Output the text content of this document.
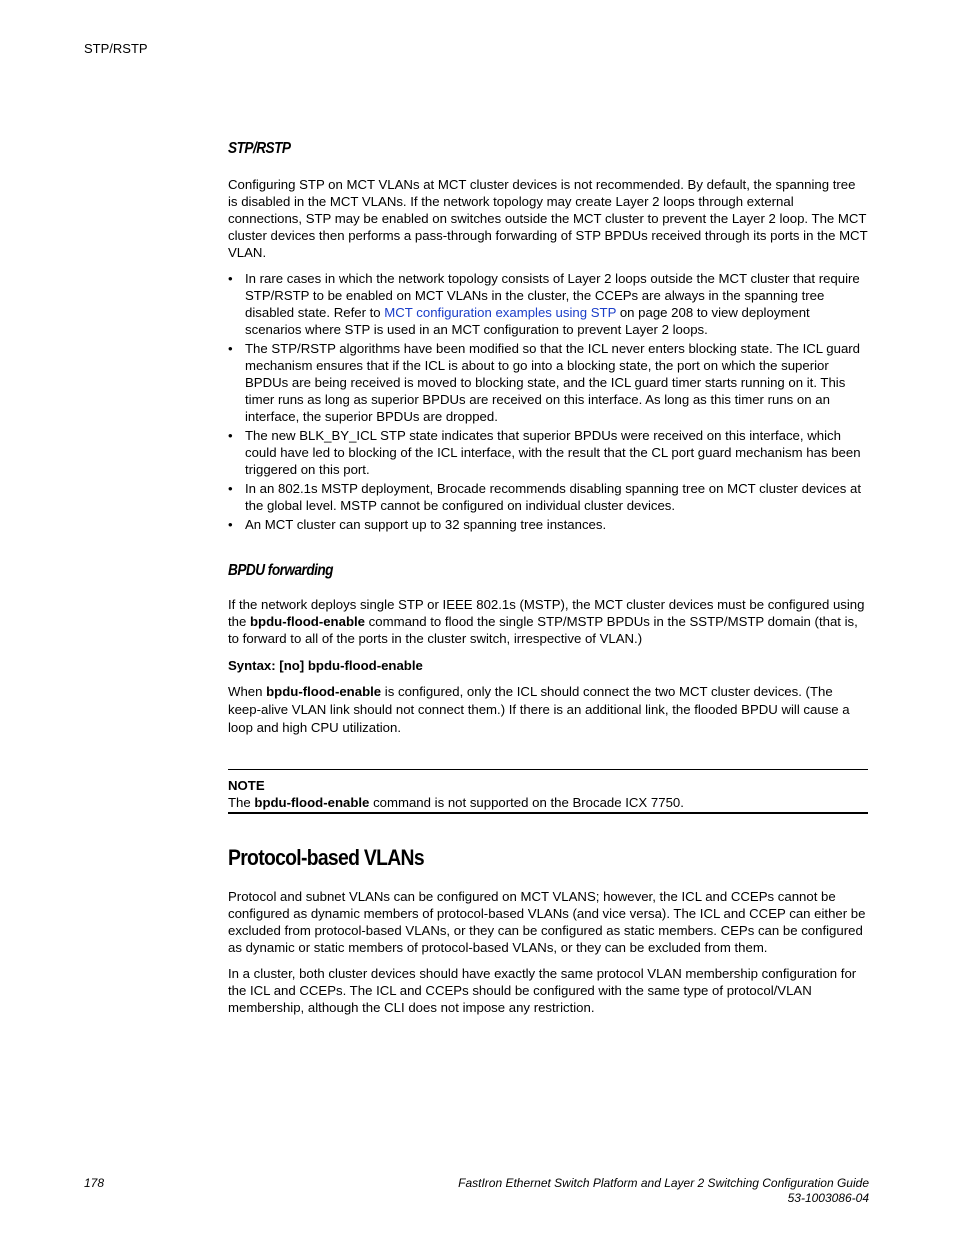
STP/RSTP
STP/RSTP

Configuring STP on MCT VLANs at MCT cluster devices is not recommended. By default, the spanning tree is disabled in the MCT VLANs. If the network topology may create Layer 2 loops through external connections, STP may be enabled on switches outside the MCT cluster to prevent the Layer 2 loop. The MCT cluster devices then performs a pass-through forwarding of STP BPDUs received through its ports in the MCT VLAN.

• In rare cases in which the network topology consists of Layer 2 loops outside the MCT cluster that require STP/RSTP to be enabled on MCT VLANs in the cluster, the CCEPs are always in the spanning tree disabled state. Refer to MCT configuration examples using STP on page 208 to view deployment scenarios where STP is used in an MCT configuration to prevent Layer 2 loops.
• The STP/RSTP algorithms have been modified so that the ICL never enters blocking state. The ICL guard mechanism ensures that if the ICL is about to go into a blocking state, the port on which the superior BPDUs are being received is moved to blocking state, and the ICL guard timer starts running on it. This timer runs as long as superior BPDUs are received on this interface. As long as this timer runs on an interface, the superior BPDUs are dropped.
• The new BLK_BY_ICL STP state indicates that superior BPDUs were received on this interface, which could have led to blocking of the ICL interface, with the result that the CL port guard mechanism has been triggered on this port.
• In an 802.1s MSTP deployment, Brocade recommends disabling spanning tree on MCT cluster devices at the global level. MSTP cannot be configured on individual cluster devices.
• An MCT cluster can support up to 32 spanning tree instances.
BPDU forwarding

If the network deploys single STP or IEEE 802.1s (MSTP), the MCT cluster devices must be configured using the bpdu-flood-enable command to flood the single STP/MSTP BPDUs in the SSTP/MSTP domain (that is, to forward to all of the ports in the cluster switch, irrespective of VLAN.)

Syntax: [no] bpdu-flood-enable

When bpdu-flood-enable is configured, only the ICL should connect the two MCT cluster devices. (The keep-alive VLAN link should not connect them.) If there is an additional link, the flooded BPDU will cause a loop and high CPU utilization.

NOTE
The bpdu-flood-enable command is not supported on the Brocade ICX 7750.
Protocol-based VLANs

Protocol and subnet VLANs can be configured on MCT VLANS; however, the ICL and CCEPs cannot be configured as dynamic members of protocol-based VLANs (and vice versa). The ICL and CCEP can either be excluded from protocol-based VLANs, or they can be configured as static members. CEPs can be configured as dynamic or static members of protocol-based VLANs, or they can be excluded from them.

In a cluster, both cluster devices should have exactly the same protocol VLAN membership configuration for the ICL and CCEPs. The ICL and CCEPs should be configured with the same type of protocol/VLAN membership, although the CLI does not impose any restriction.

178	FastIron Ethernet Switch Platform and Layer 2 Switching Configuration Guide
53-1003086-04
